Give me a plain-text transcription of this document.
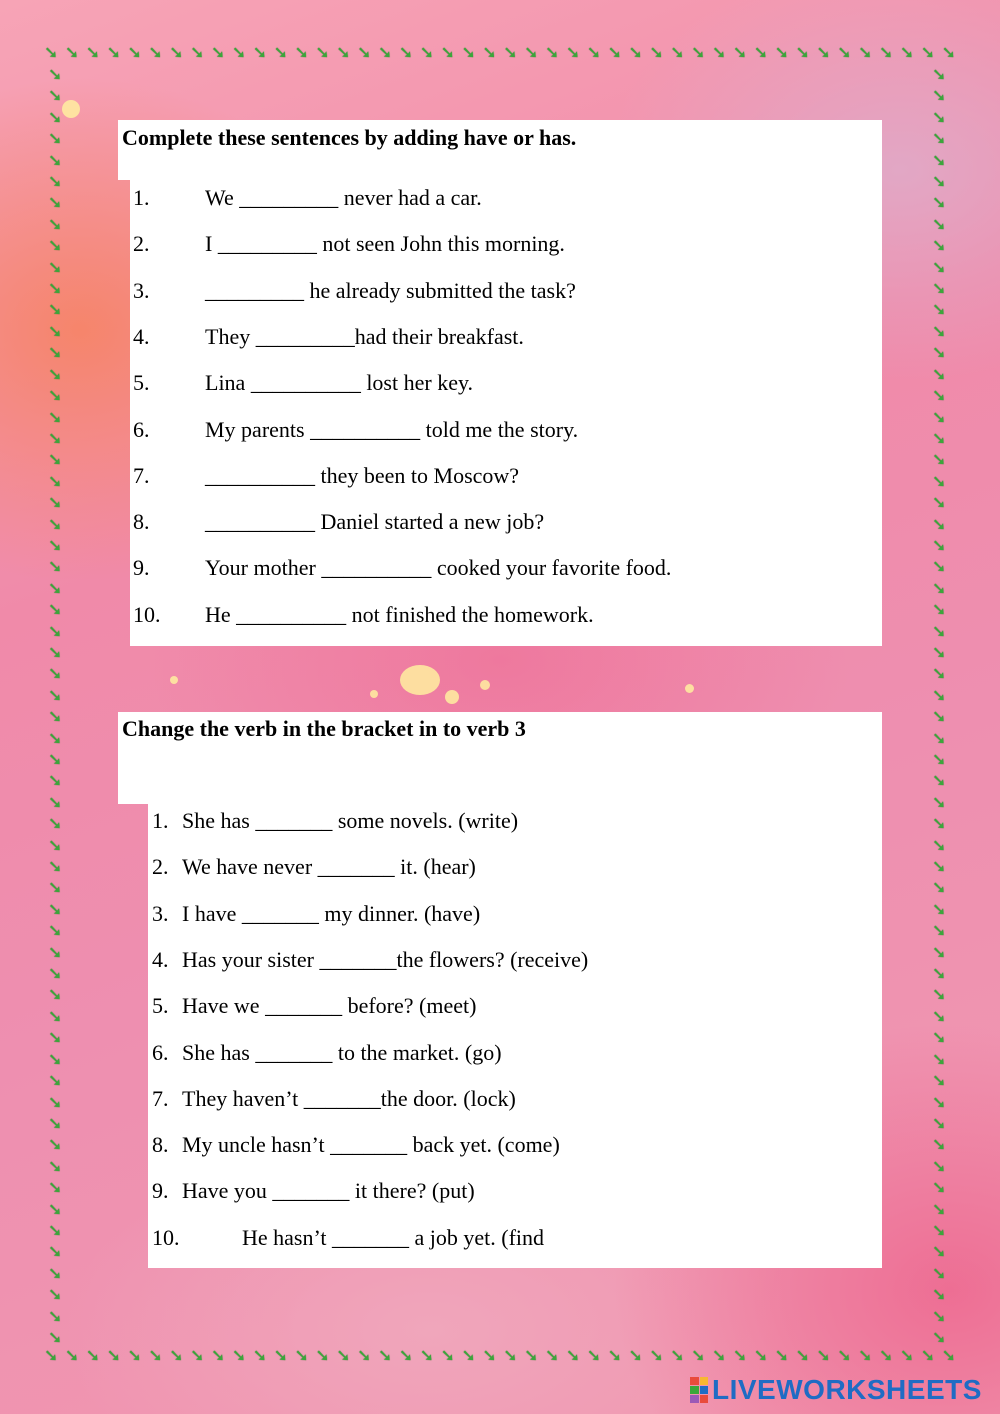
➘ ➘ ➘ ➘ ➘ ➘ ➘ ➘ ➘ ➘ ➘ ➘ ➘ ➘ ➘ ➘ ➘ ➘ ➘ ➘ ➘ ➘ ➘ ➘ ➘ ➘ ➘ ➘ ➘ ➘ ➘ ➘ ➘ ➘ ➘ ➘ ➘ ➘ ➘ ➘ ➘ ➘ ➘ ➘
➘ ➘ ➘ ➘ ➘ ➘ ➘ ➘ ➘ ➘ ➘ ➘ ➘ ➘ ➘ ➘ ➘ ➘ ➘ ➘ ➘ ➘ ➘ ➘ ➘ ➘ ➘ ➘ ➘ ➘ ➘ ➘ ➘ ➘ ➘ ➘ ➘ ➘ ➘ ➘ ➘ ➘ ➘ ➘
➘
➘
➘
➘
➘
➘
➘
➘
➘
➘
➘
➘
➘
➘
➘
➘
➘
➘
➘
➘
➘
➘
➘
➘
➘
➘
➘
➘
➘
➘
➘
➘
➘
➘
➘
➘
➘
➘
➘
➘
➘
➘
➘
➘
➘
➘
➘
➘
➘
➘
➘
➘
➘
➘
➘
➘
➘
➘
➘
➘
➘
➘
➘
➘
➘
➘
➘
➘
➘
➘
➘
➘
➘
➘
➘
➘
➘
➘
➘
➘
➘
➘
➘
➘
➘
➘
➘
➘
➘
➘
➘
➘
➘
➘
➘
➘
➘
➘
➘
➘
➘
➘
➘
➘
➘
➘
➘
➘
➘
➘
➘
➘
➘
➘
➘
➘
➘
➘
➘
➘
Complete these sentences by adding have or has.
1.	We _________ never had a car.
2.	I _________ not seen John this morning.
3.	_________ he already submitted the task?
4.	They _________had their breakfast.
5.	Lina __________ lost her key.
6.	My parents __________ told me the story.
7.	__________ they been to Moscow?
8.	__________ Daniel started a new job?
9.	Your mother __________ cooked your favorite food.
10. He __________ not finished the homework.
Change the verb in the bracket in to verb 3
1. She has _______ some novels. (write)
2. We have never _______ it. (hear)
3. I have _______ my dinner. (have)
4. Has your sister _______the flowers? (receive)
5. Have we _______ before? (meet)
6. She has _______ to the market. (go)
7. They haven’t _______the door. (lock)
8. My uncle hasn’t _______ back yet. (come)
9. Have you _______ it there? (put)
10.	He hasn’t _______ a job yet. (find
LIVEWORKSHEETS
